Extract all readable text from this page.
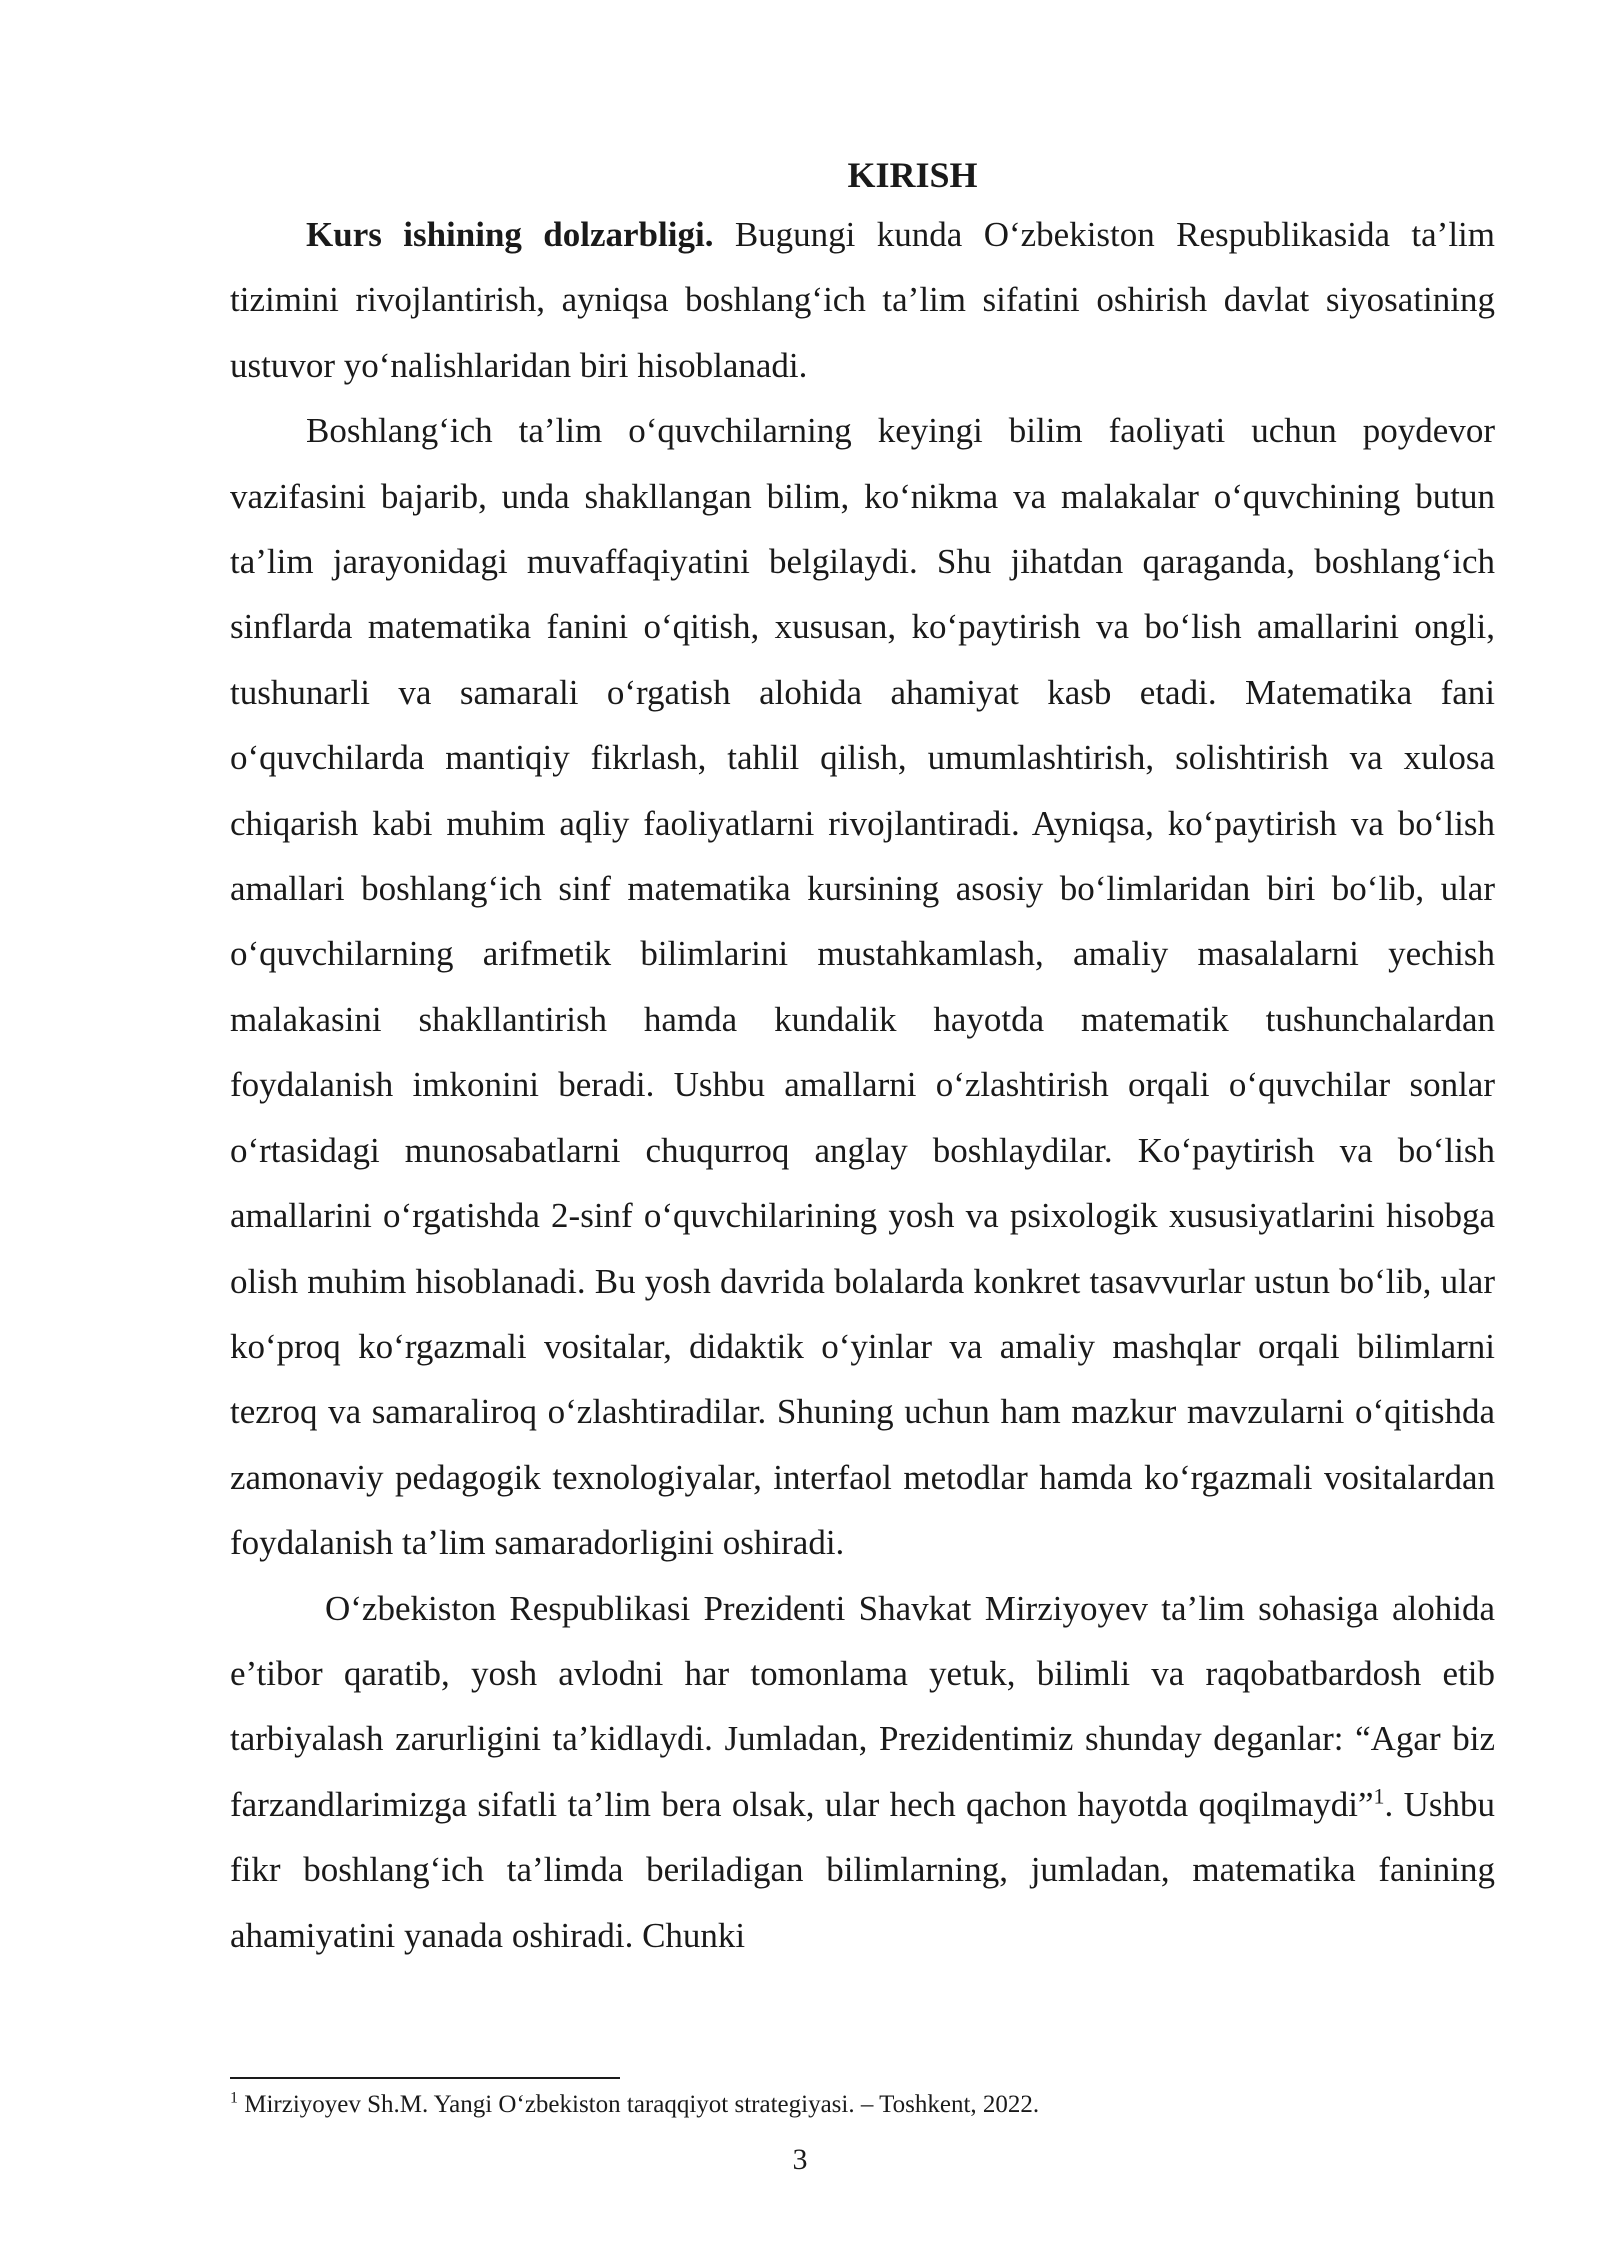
KIRISH

Kurs ishining dolzarbligi. Bugungi kunda O‘zbekiston Respublikasida ta’lim tizimini rivojlantirish, ayniqsa boshlang‘ich ta’lim sifatini oshirish davlat siyosatining ustuvor yo‘nalishlaridan biri hisoblanadi.

Boshlang‘ich ta’lim o‘quvchilarning keyingi bilim faoliyati uchun poydevor vazifasini bajarib, unda shakllangan bilim, ko‘nikma va malakalar o‘quvchining butun ta’lim jarayonidagi muvaffaqiyatini belgilaydi. Shu jihatdan qaraganda, boshlang‘ich sinflarda matematika fanini o‘qitish, xususan, ko‘paytirish va bo‘lish amallarini ongli, tushunarli va samarali o‘rgatish alohida ahamiyat kasb etadi. Matematika fani o‘quvchilarda mantiqiy fikrlash, tahlil qilish, umumlashtirish, solishtirish va xulosa chiqarish kabi muhim aqliy faoliyatlarni rivojlantiradi. Ayniqsa, ko‘paytirish va bo‘lish amallari boshlang‘ich sinf matematika kursining asosiy bo‘limlaridan biri bo‘lib, ular o‘quvchilarning arifmetik bilimlarini mustahkamlash, amaliy masalalarni yechish malakasini shakllantirish hamda kundalik hayotda matematik tushunchalardan foydalanish imkonini beradi. Ushbu amallarni o‘zlashtirish orqali o‘quvchilar sonlar o‘rtasidagi munosabatlarni chuqurroq anglay boshlaydilar. Ko‘paytirish va bo‘lish amallarini o‘rgatishda 2-sinf o‘quvchilarining yosh va psixologik xususiyatlarini hisobga olish muhim hisoblanadi. Bu yosh davrida bolalarda konkret tasavvurlar ustun bo‘lib, ular ko‘proq ko‘rgazmali vositalar, didaktik o‘yinlar va amaliy mashqlar orqali bilimlarni tezroq va samaraliroq o‘zlashtiradilar. Shuning uchun ham mazkur mavzularni o‘qitishda zamonaviy pedagogik texnologiyalar, interfaol metodlar hamda ko‘rgazmali vositalardan foydalanish ta’lim samaradorligini oshiradi.

O‘zbekiston Respublikasi Prezidenti Shavkat Mirziyoyev ta’lim sohasiga alohida e’tibor qaratib, yosh avlodni har tomonlama yetuk, bilimli va raqobatbardosh etib tarbiyalash zarurligini ta’kidlaydi. Jumladan, Prezidentimiz shunday deganlar: “Agar biz farzandlarimizga sifatli ta’lim bera olsak, ular hech qachon hayotda qoqilmaydi”$^1$. Ushbu fikr boshlang‘ich ta’limda beriladigan bilimlarning, jumladan, matematika fanining ahamiyatini yanada oshiradi. Chunki

$^1$ Mirziyoyev Sh.M. Yangi O‘zbekiston taraqqiyot strategiyasi. – Toshkent, 2022.
3
